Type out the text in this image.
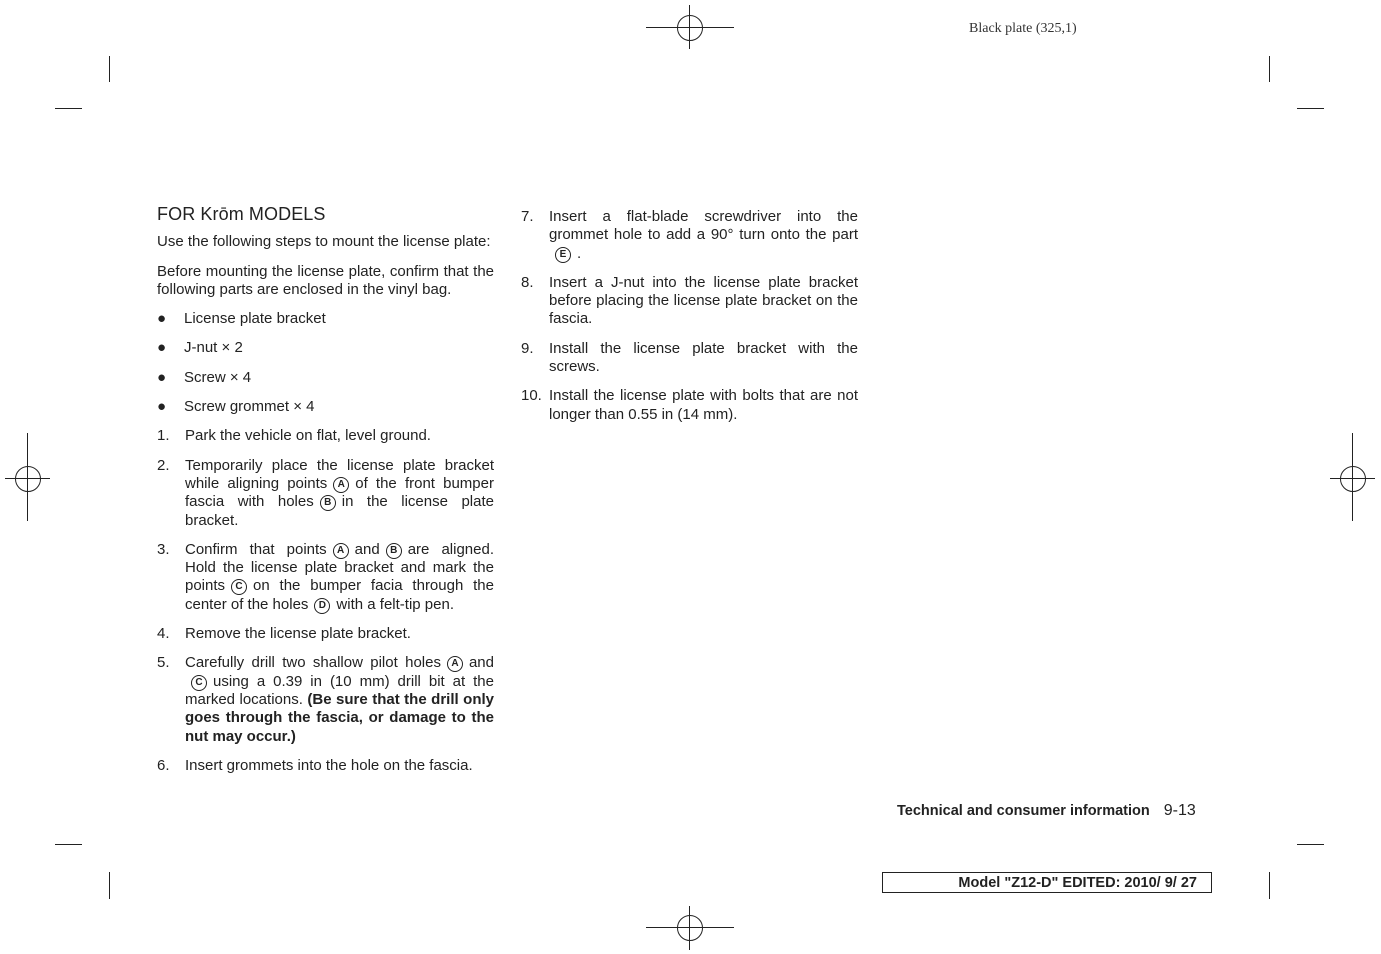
Black plate (325,1)
FOR Krōm MODELS
Use the following steps to mount the license plate:
Before mounting the license plate, confirm that the following parts are enclosed in the vinyl bag.
● License plate bracket
● J-nut × 2
● Screw × 4
● Screw grommet × 4
1. Park the vehicle on flat, level ground.
2. Temporarily place the license plate bracket while aligning points A of the front bumper fascia with holes B in the license plate bracket.
3. Confirm that points A and B are aligned. Hold the license plate bracket and mark the points C on the bumper facia through the center of the holes D with a felt-tip pen.
4. Remove the license plate bracket.
5. Carefully drill two shallow pilot holes A andC using a 0.39 in (10 mm) drill bit at the marked locations. (Be sure that the drill only goes through the fascia, or damage to the nut may occur.)
6. Insert grommets into the hole on the fascia.
7. Insert a flat-blade screwdriver into the grommet hole to add a 90° turn onto the partE .
8. Insert a J-nut into the license plate bracket before placing the license plate bracket on the fascia.
9. Install the license plate bracket with the screws.
10. Install the license plate with bolts that are not longer than 0.55 in (14 mm).
Technical and consumer information 9-13
Model "Z12-D" EDITED: 2010/ 9/ 27
